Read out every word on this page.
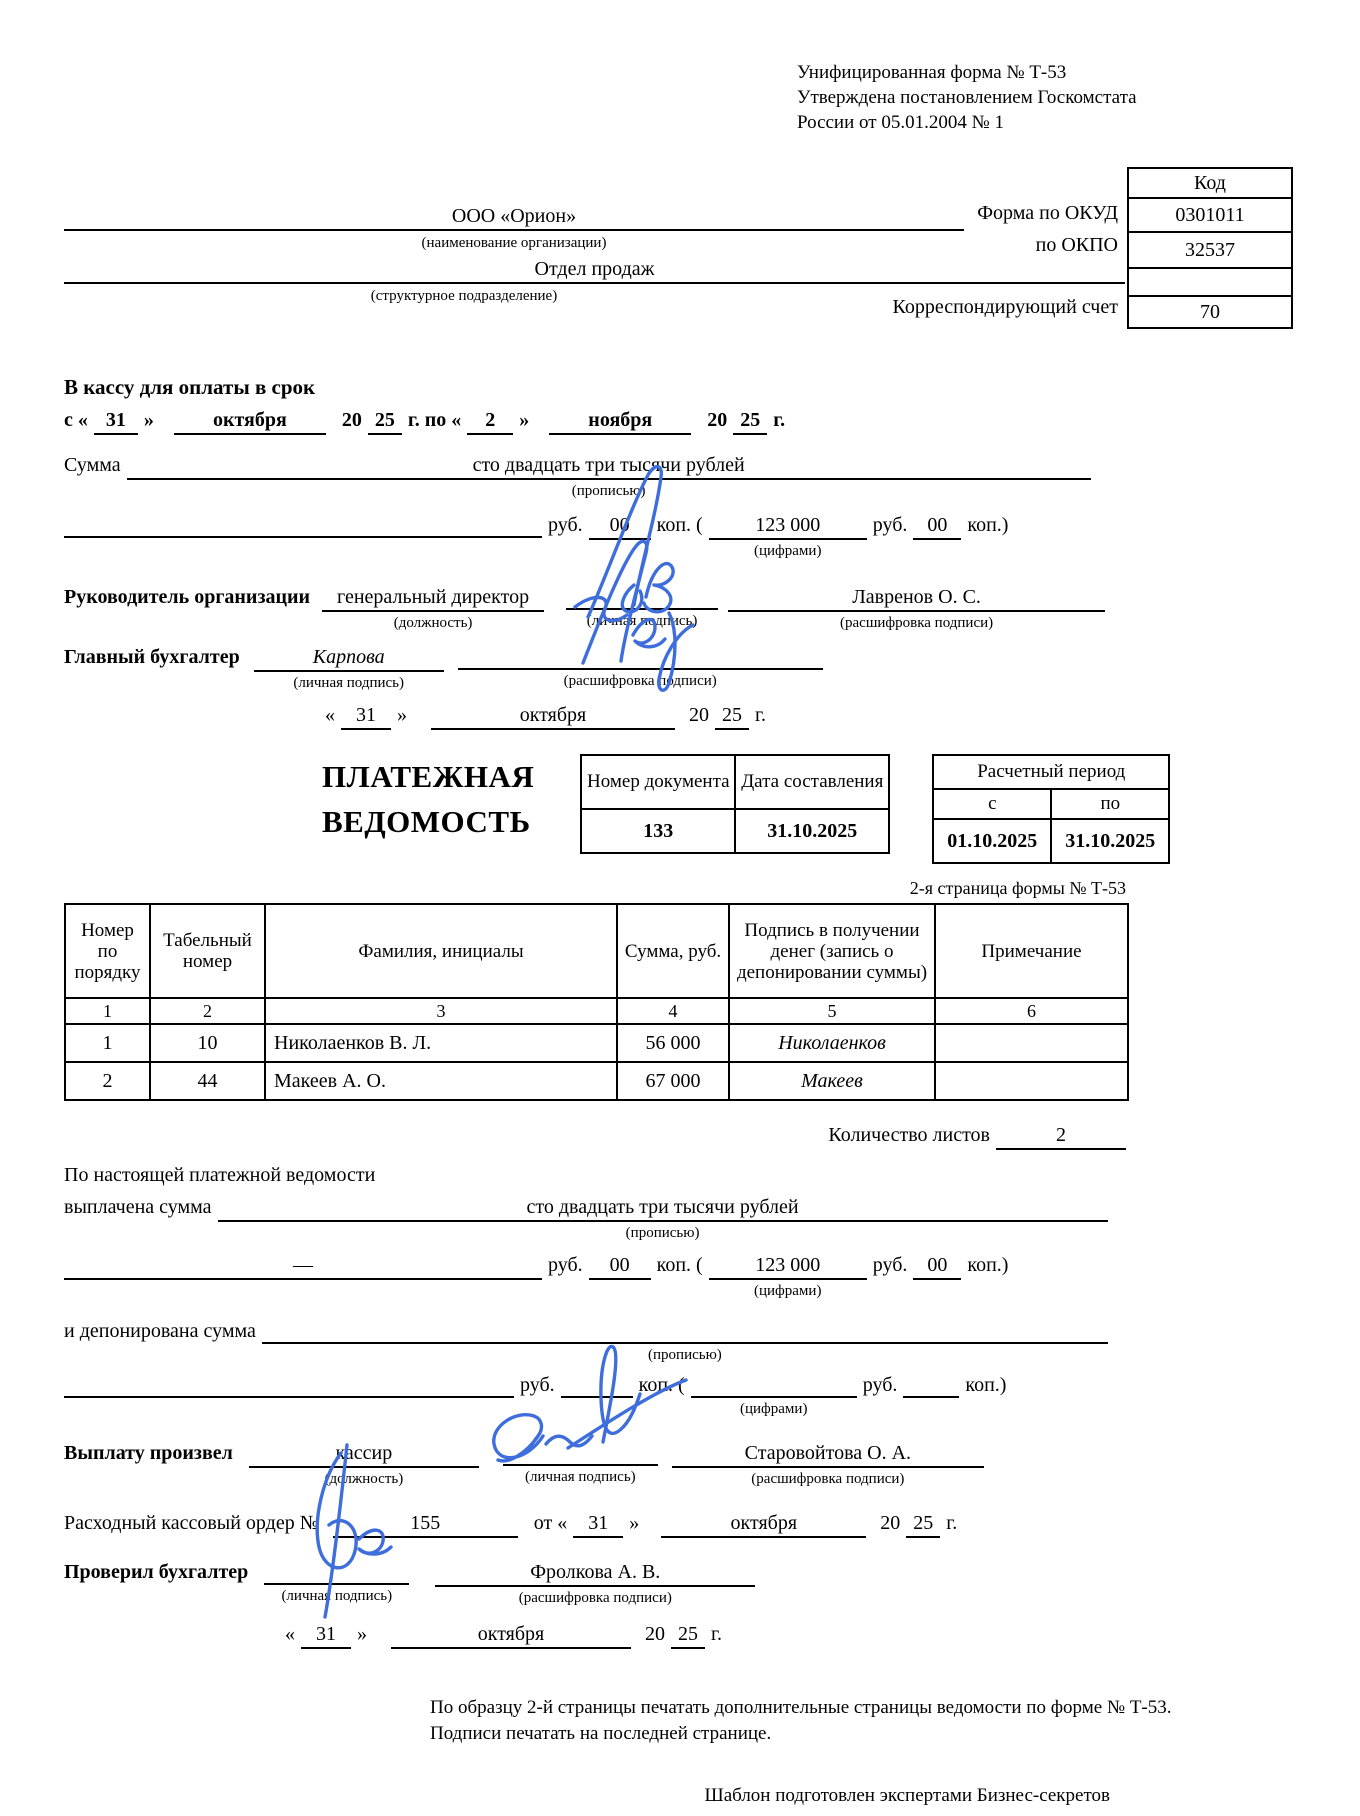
Унифицированная форма № Т-53
Утверждена постановлением Госкомстата
России от 05.01.2004 № 1
Код
0301011
32537
70
Форма по ОКУД
ООО «Орион»
(наименование организации)	по ОКПО
Отдел продаж
(структурное подразделение)	Корреспондирующий счет
В кассу для оплаты в срок
с « 31 »	октября	20 25 г. по «	2	»	ноября	20 25 г.
Сумма	сто двадцать три тысячи рублей
(прописью)
руб.	00	коп. (	123 000
(цифрами)
руб.	00	коп.)
Руководитель организации	генеральный директор
(должность)	(личная подпись)
Лавренов О. С.
(расшифровка подписи)
Главный бухгалтер	Карпова
(личная подпись)	(расшифровка подписи)
«	31	»	октября	20 25 г.
ПЛАТЕЖНАЯ
ВЕДОМОСТЬ
Номер документа	Дата составления
133	31.10.2025
Расчетный период	
с	по
01.10.2025	31.10.2025
2-я страница формы № Т-53
Номер по порядку	Табельный номер	Фамилия, инициалы	Сумма, руб.	Подпись в получении денег (запись о депонировании суммы)	Примечание
1	2	3	4	5	6
1	10	Николаенков В. Л.	56 000	Николаенков	
2	44	Макеев А. О.	67 000	Макеев	
Количество листов	2
По настоящей платежной ведомости
выплачена сумма	сто двадцать три тысячи рублей
(прописью)
—	руб.	00	коп. (	123 000
(цифрами)
руб.	00	коп.)
и депонирована сумма
(прописью)
руб.	коп. (
(цифрами)
руб.	коп.)
Выплату произвел	кассир
(должность)	(личная подпись)
Старовойтова О. А.
(расшифровка подписи)
Расходный кассовый ордер №	155	от «	31	»	октября	20 25 г.
Проверил бухгалтер
(личная подпись)
Фролкова А. В.
(расшифровка подписи)
«	31	»	октября	20 25 г.
По образцу 2-й страницы печатать дополнительные страницы ведомости по форме № Т-53.
Подписи печатать на последней странице.
Шаблон подготовлен экспертами Бизнес-секретов
